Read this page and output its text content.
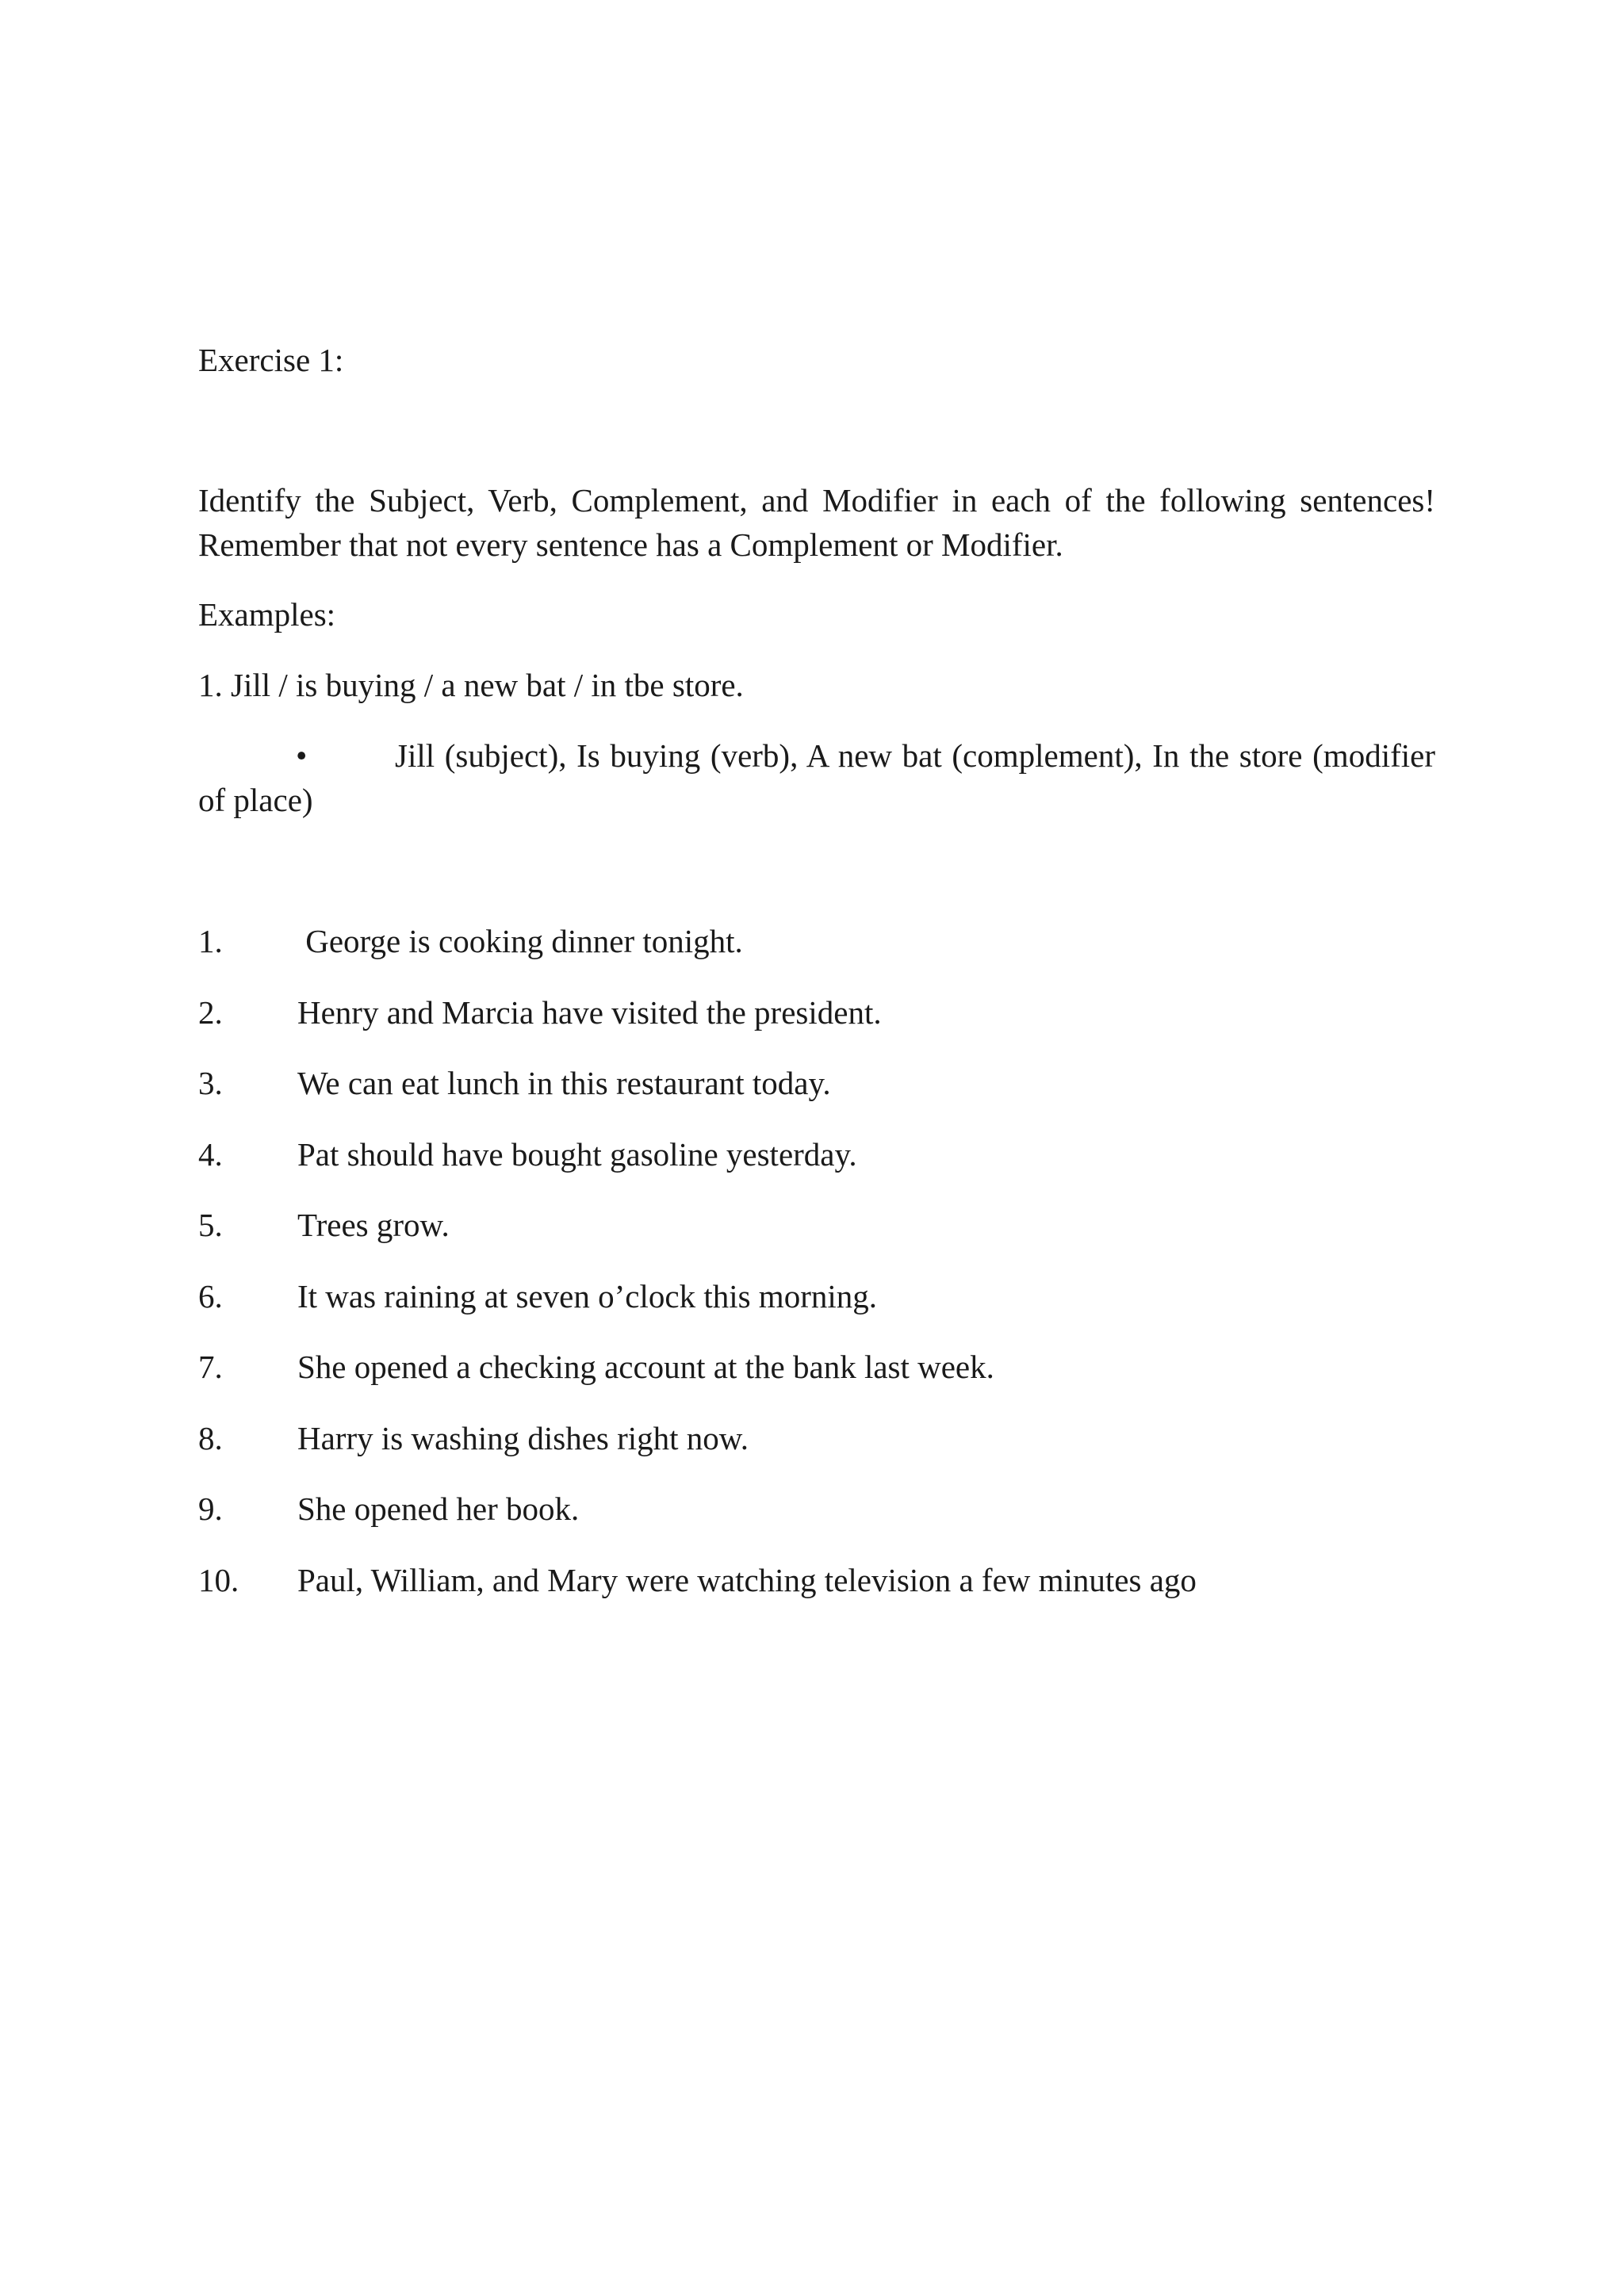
Exercise 1:

Identify the Subject, Verb, Complement, and Modifier in each of the following sentences! Remember that not every sentence has a Complement or Modifier.

Examples:

1. Jill / is buying / a new bat / in tbe store.

•	Jill (subject), Is buying (verb), A new bat (complement), In the store (modifier of place)

1.	George is cooking dinner tonight.
2.	Henry and Marcia have visited the president.
3.	We can eat lunch in this restaurant today.
4.	Pat should have bought gasoline yesterday.
5.	Trees grow.
6.	It was raining at seven o’clock this morning.
7.	She opened a checking account at the bank last week.
8.	Harry is washing dishes right now.
9.	She opened her book.
10.	Paul, William, and Mary were watching television a few minutes ago
